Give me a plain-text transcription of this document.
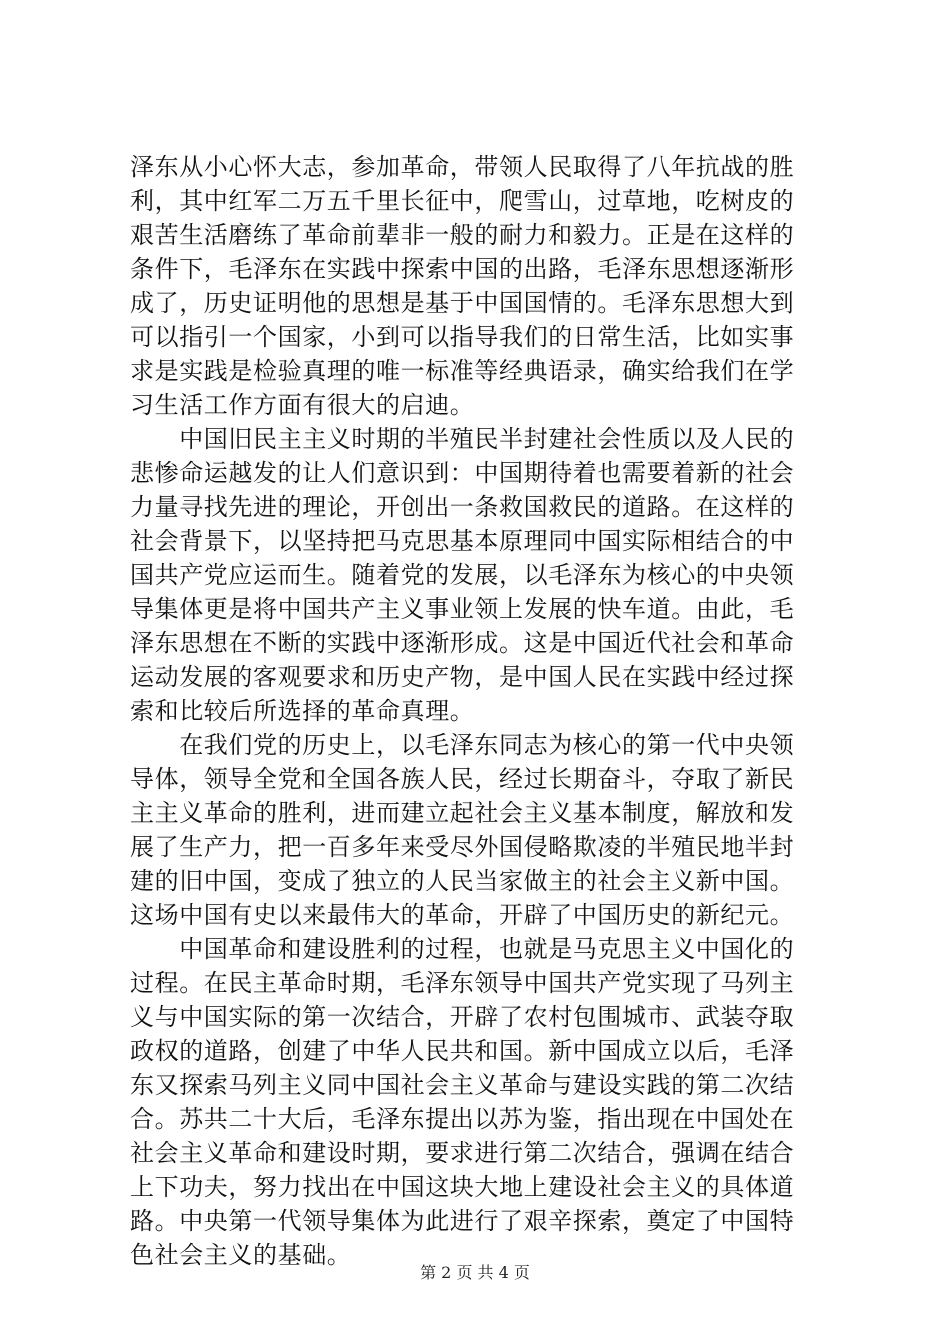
泽东从小心怀大志，参加革命，带领人民取得了八年抗战的胜
利，其中红军二万五千里长征中，爬雪山，过草地，吃树皮的
艰苦生活磨练了革命前辈非一般的耐力和毅力。正是在这样的
条件下，毛泽东在实践中探索中国的出路，毛泽东思想逐渐形
成了，历史证明他的思想是基于中国国情的。毛泽东思想大到
可以指引一个国家，小到可以指导我们的日常生活，比如实事
求是实践是检验真理的唯一标准等经典语录，确实给我们在学
习生活工作方面有很大的启迪。
　　中国旧民主主义时期的半殖民半封建社会性质以及人民的
悲惨命运越发的让人们意识到：中国期待着也需要着新的社会
力量寻找先进的理论，开创出一条救国救民的道路。在这样的
社会背景下，以坚持把马克思基本原理同中国实际相结合的中
国共产党应运而生。随着党的发展，以毛泽东为核心的中央领
导集体更是将中国共产主义事业领上发展的快车道。由此，毛
泽东思想在不断的实践中逐渐形成。这是中国近代社会和革命
运动发展的客观要求和历史产物，是中国人民在实践中经过探
索和比较后所选择的革命真理。
　　在我们党的历史上，以毛泽东同志为核心的第一代中央领
导体，领导全党和全国各族人民，经过长期奋斗，夺取了新民
主主义革命的胜利，进而建立起社会主义基本制度，解放和发
展了生产力，把一百多年来受尽外国侵略欺凌的半殖民地半封
建的旧中国，变成了独立的人民当家做主的社会主义新中国。
这场中国有史以来最伟大的革命，开辟了中国历史的新纪元。
　　中国革命和建设胜利的过程，也就是马克思主义中国化的
过程。在民主革命时期，毛泽东领导中国共产党实现了马列主
义与中国实际的第一次结合，开辟了农村包围城市、武装夺取
政权的道路，创建了中华人民共和国。新中国成立以后，毛泽
东又探索马列主义同中国社会主义革命与建设实践的第二次结
合。苏共二十大后，毛泽东提出以苏为鉴，指出现在中国处在
社会主义革命和建设时期，要求进行第二次结合，强调在结合
上下功夫，努力找出在中国这块大地上建设社会主义的具体道
路。中央第一代领导集体为此进行了艰辛探索，奠定了中国特
色社会主义的基础。
第 2 页 共 4 页
